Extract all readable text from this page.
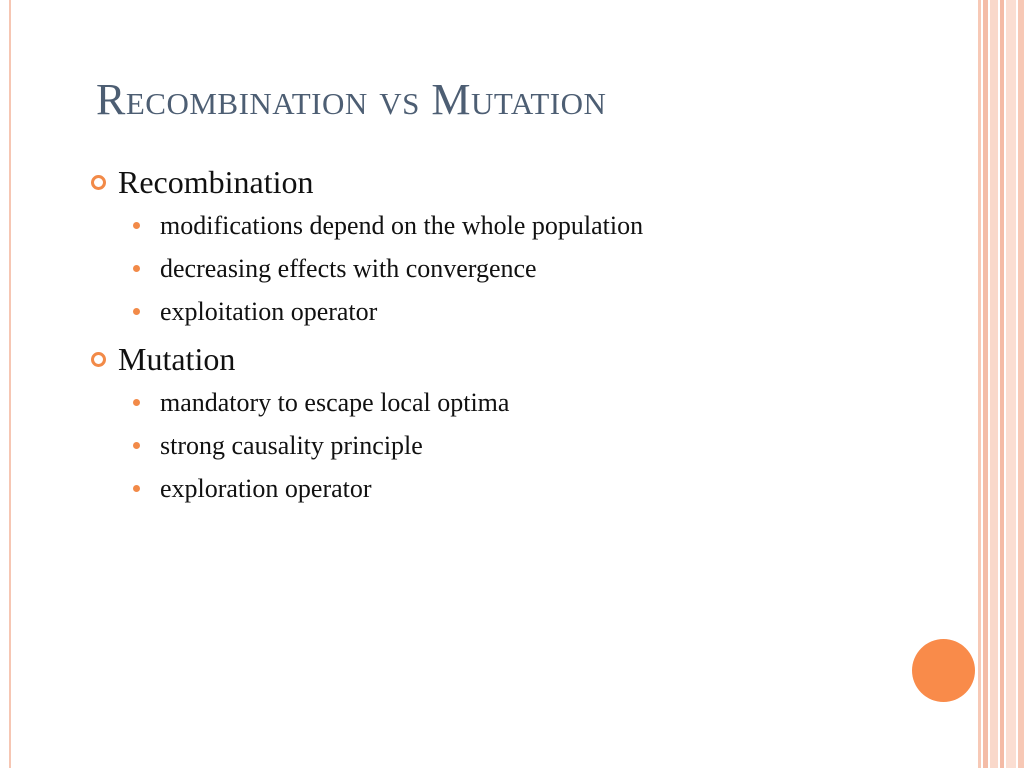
Recombination vs Mutation
Recombination
modifications depend on the whole population
decreasing effects with convergence
exploitation operator
Mutation
mandatory to escape local optima
strong causality principle
exploration operator
